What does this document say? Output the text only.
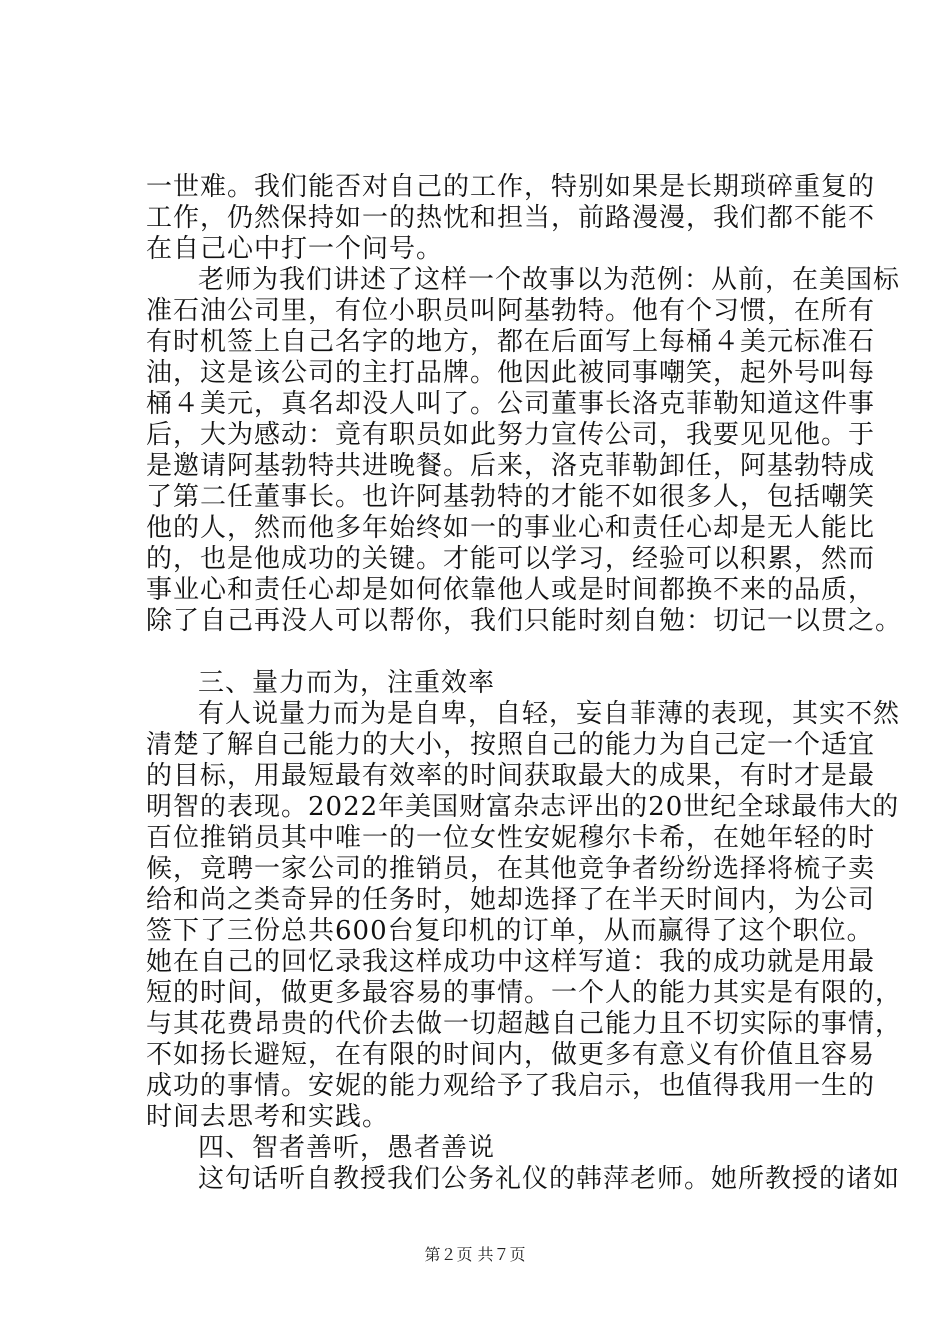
一世难。我们能否对自己的工作，特别如果是长期琐碎重复的
工作，仍然保持如一的热忱和担当，前路漫漫，我们都不能不
在自己心中打一个问号。
老师为我们讲述了这样一个故事以为范例：从前，在美国标
准石油公司里，有位小职员叫阿基勃特。他有个习惯，在所有
有时机签上自己名字的地方，都在后面写上每桶４美元标准石
油，这是该公司的主打品牌。他因此被同事嘲笑，起外号叫每
桶４美元，真名却没人叫了。公司董事长洛克菲勒知道这件事
后，大为感动：竟有职员如此努力宣传公司，我要见见他。于
是邀请阿基勃特共进晚餐。后来，洛克菲勒卸任，阿基勃特成
了第二任董事长。也许阿基勃特的才能不如很多人，包括嘲笑
他的人，然而他多年始终如一的事业心和责任心却是无人能比
的，也是他成功的关键。才能可以学习，经验可以积累，然而
事业心和责任心却是如何依靠他人或是时间都换不来的品质，
除了自己再没人可以帮你，我们只能时刻自勉：切记一以贯之。
三、量力而为，注重效率
有人说量力而为是自卑，自轻，妄自菲薄的表现，其实不然
清楚了解自己能力的大小，按照自己的能力为自己定一个适宜
的目标，用最短最有效率的时间获取最大的成果，有时才是最
明智的表现。2022年美国财富杂志评出的20世纪全球最伟大的
百位推销员其中唯一的一位女性安妮穆尔卡希，在她年轻的时
候，竞聘一家公司的推销员，在其他竞争者纷纷选择将梳子卖
给和尚之类奇异的任务时，她却选择了在半天时间内，为公司
签下了三份总共600台复印机的订单，从而赢得了这个职位。
她在自己的回忆录我这样成功中这样写道：我的成功就是用最
短的时间，做更多最容易的事情。一个人的能力其实是有限的，
与其花费昂贵的代价去做一切超越自己能力且不切实际的事情，
不如扬长避短，在有限的时间内，做更多有意义有价值且容易
成功的事情。安妮的能力观给予了我启示，也值得我用一生的
时间去思考和实践。
四、智者善听，愚者善说
这句话听自教授我们公务礼仪的韩萍老师。她所教授的诸如
第２页 共７页
